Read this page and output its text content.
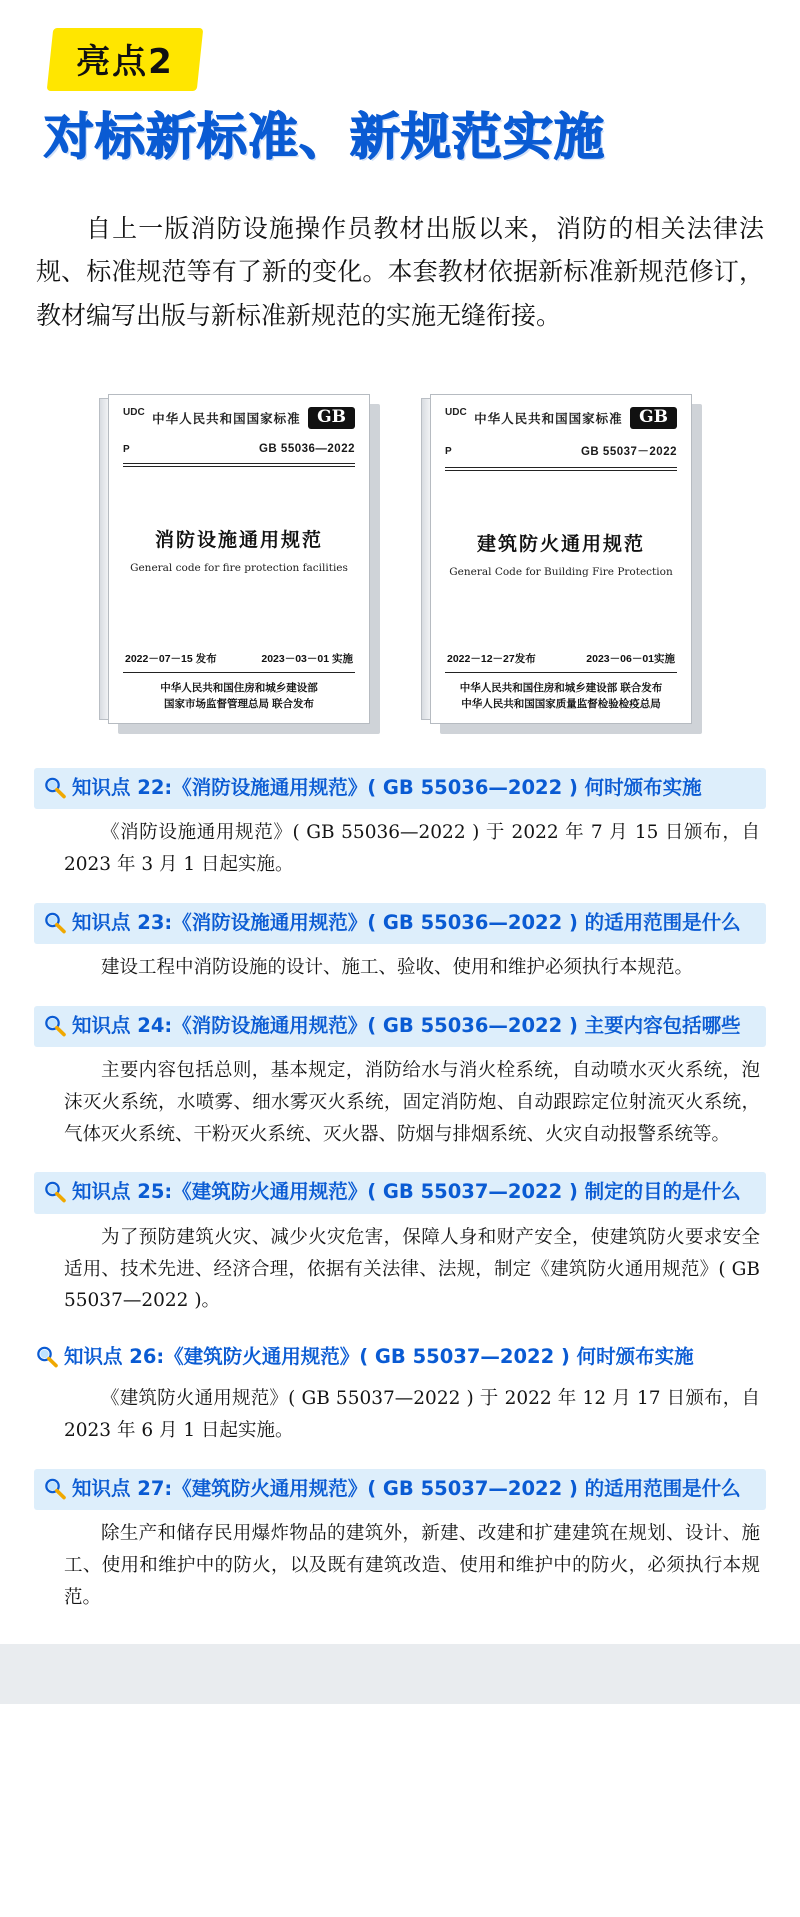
亮点2
对标新标准、新规范实施
自上一版消防设施操作员教材出版以来，消防的相关法律法规、标准规范等有了新的变化。本套教材依据新标准新规范修订，教材编写出版与新标准新规范的实施无缝衔接。
UDC 中华人民共和国国家标准 GB
P	GB 55036—2022
消防设施通用规范
General code for fire protection facilities
2022－07－15 发布	2023－03－01 实施
中华人民共和国住房和城乡建设部
国家市场监督管理总局 联合发布
UDC 中华人民共和国国家标准 GB
P	GB 55037－2022
建筑防火通用规范
General Code for Building Fire Protection
2022－12－27发布	2023－06－01实施
中华人民共和国住房和城乡建设部 联合发布
中华人民共和国国家质量监督检验检疫总局
知识点 22:《消防设施通用规范》( GB 55036—2022 ) 何时颁布实施
《消防设施通用规范》( GB 55036—2022 ) 于 2022 年 7 月 15 日颁布，自 2023 年 3 月 1 日起实施。
知识点 23:《消防设施通用规范》( GB 55036—2022 ) 的适用范围是什么
建设工程中消防设施的设计、施工、验收、使用和维护必须执行本规范。
知识点 24:《消防设施通用规范》( GB 55036—2022 ) 主要内容包括哪些
主要内容包括总则，基本规定，消防给水与消火栓系统，自动喷水灭火系统，泡沫灭火系统，水喷雾、细水雾灭火系统，固定消防炮、自动跟踪定位射流灭火系统，气体灭火系统、干粉灭火系统、灭火器、防烟与排烟系统、火灾自动报警系统等。
知识点 25:《建筑防火通用规范》( GB 55037—2022 ) 制定的目的是什么
为了预防建筑火灾、减少火灾危害，保障人身和财产安全，使建筑防火要求安全适用、技术先进、经济合理，依据有关法律、法规，制定《建筑防火通用规范》( GB 55037—2022 )。
知识点 26:《建筑防火通用规范》( GB 55037—2022 ) 何时颁布实施
《建筑防火通用规范》( GB 55037—2022 ) 于 2022 年 12 月 17 日颁布，自 2023 年 6 月 1 日起实施。
知识点 27:《建筑防火通用规范》( GB 55037—2022 ) 的适用范围是什么
除生产和储存民用爆炸物品的建筑外，新建、改建和扩建建筑在规划、设计、施工、使用和维护中的防火，以及既有建筑改造、使用和维护中的防火，必须执行本规范。
